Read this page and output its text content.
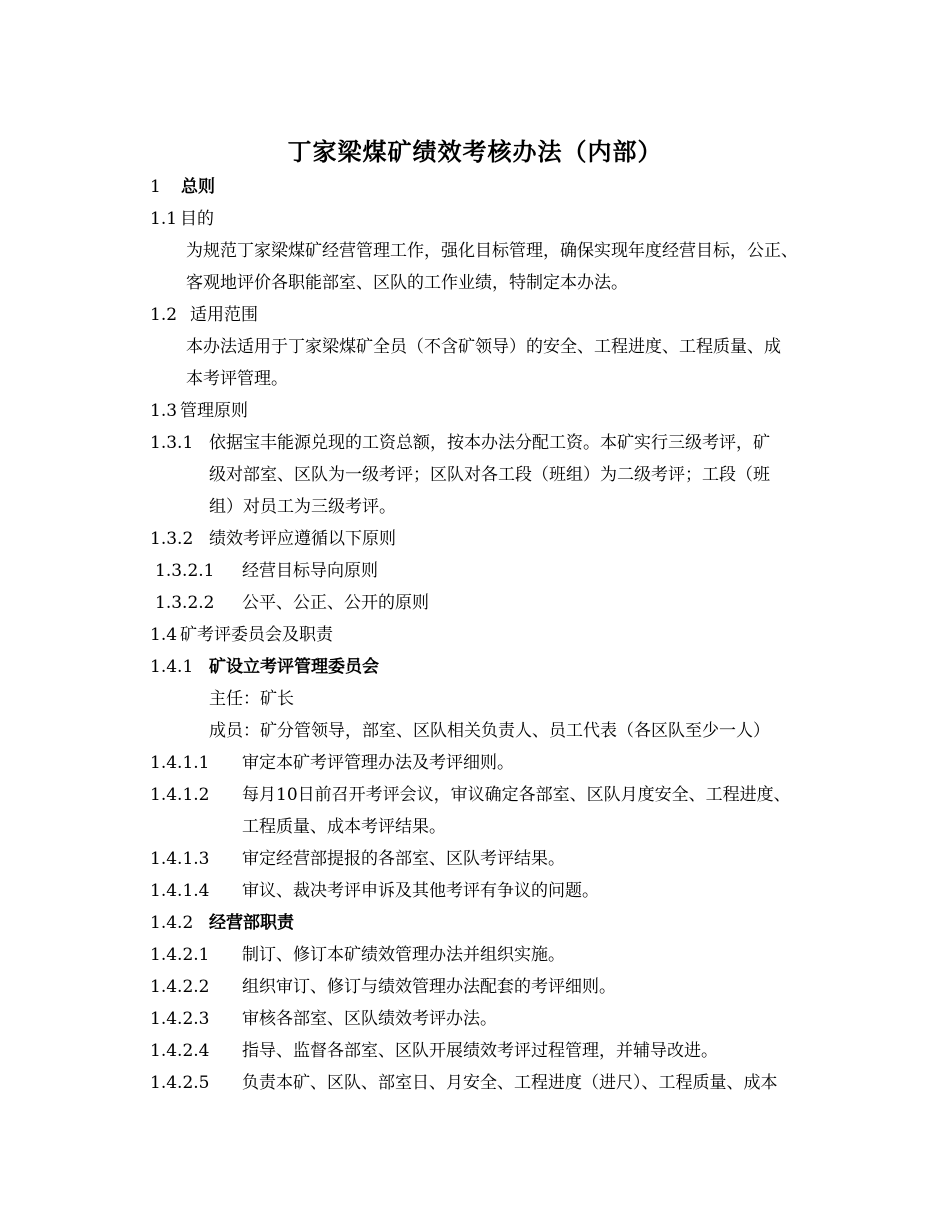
丁家梁煤矿绩效考核办法（内部）
1 总则
1.1 目的
为规范丁家梁煤矿经营管理工作，强化目标管理，确保实现年度经营目标，公正、
客观地评价各职能部室、区队的工作业绩，特制定本办法。
1.2 适用范围
本办法适用于丁家梁煤矿全员（不含矿领导）的安全、工程进度、工程质量、成
本考评管理。
1.3 管理原则
1.3.1 依据宝丰能源兑现的工资总额，按本办法分配工资。本矿实行三级考评，矿
级对部室、区队为一级考评；区队对各工段（班组）为二级考评；工段（班
组）对员工为三级考评。
1.3.2 绩效考评应遵循以下原则
1.3.2.1 经营目标导向原则
1.3.2.2 公平、公正、公开的原则
1.4 矿考评委员会及职责
1.4.1 矿设立考评管理委员会
主任：矿长
成员：矿分管领导，部室、区队相关负责人、员工代表（各区队至少一人）
1.4.1.1 审定本矿考评管理办法及考评细则。
1.4.1.2 每月10日前召开考评会议，审议确定各部室、区队月度安全、工程进度、
工程质量、成本考评结果。
1.4.1.3 审定经营部提报的各部室、区队考评结果。
1.4.1.4 审议、裁决考评申诉及其他考评有争议的问题。
1.4.2 经营部职责
1.4.2.1 制订、修订本矿绩效管理办法并组织实施。
1.4.2.2 组织审订、修订与绩效管理办法配套的考评细则。
1.4.2.3 审核各部室、区队绩效考评办法。
1.4.2.4 指导、监督各部室、区队开展绩效考评过程管理，并辅导改进。
1.4.2.5 负责本矿、区队、部室日、月安全、工程进度（进尺）、工程质量、成本
